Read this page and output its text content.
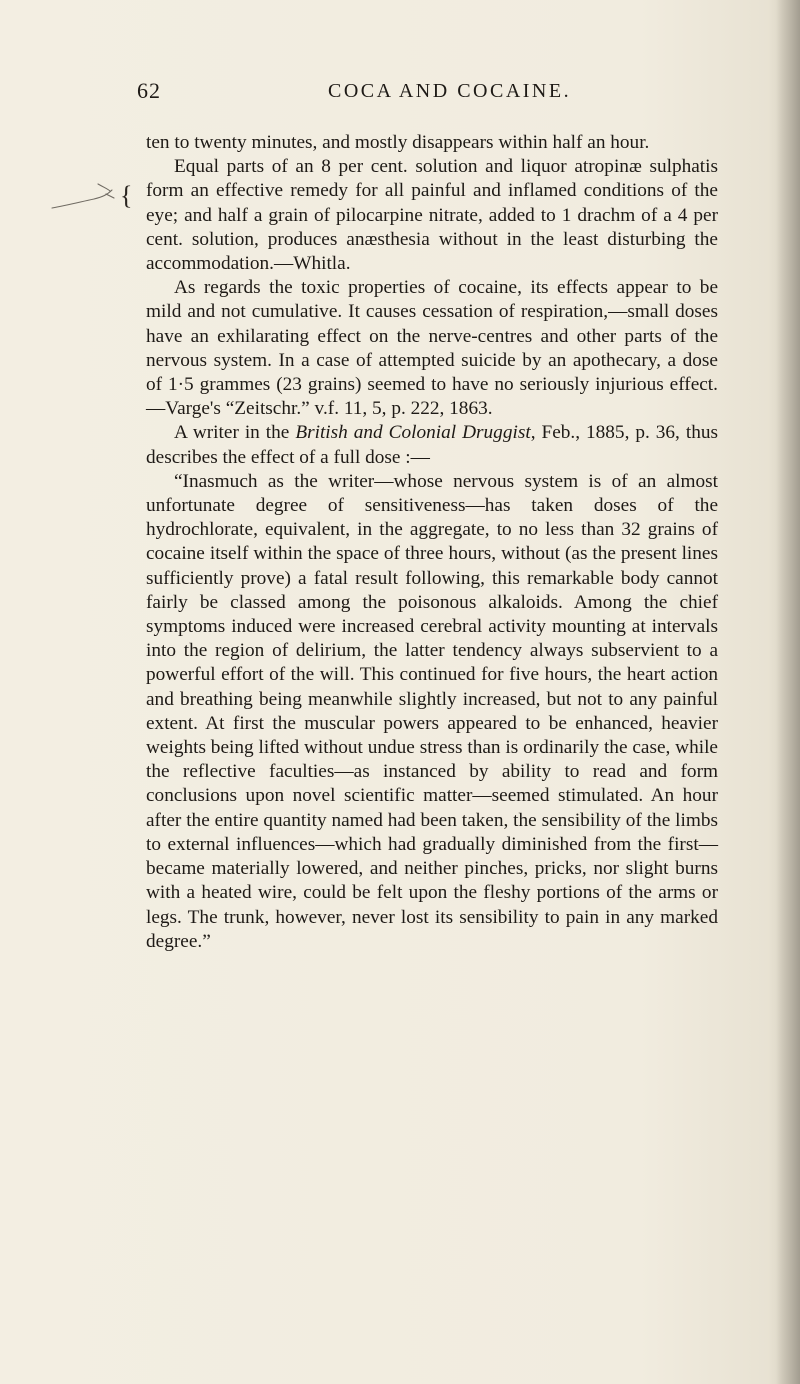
62	COCA AND COCAINE.
{

ten to twenty minutes, and mostly disappears within half an hour.

Equal parts of an 8 per cent. solution and liquor atropinæ sulphatis form an effective remedy for all painful and inflamed conditions of the eye; and half a grain of pilocarpine nitrate, added to 1 drachm of a 4 per cent. solution, produces anæsthesia without in the least disturbing the accommodation.—Whitla.

As regards the toxic properties of cocaine, its effects appear to be mild and not cumulative. It causes cessation of respiration,—small doses have an exhilarating effect on the nerve-centres and other parts of the nervous system. In a case of attempted suicide by an apothecary, a dose of 1·5 grammes (23 grains) seemed to have no seriously injurious effect.—Varge's “Zeitschr.” v.f. 11, 5, p. 222, 1863.

A writer in the British and Colonial Druggist, Feb., 1885, p. 36, thus describes the effect of a full dose :—

“Inasmuch as the writer—whose nervous system is of an almost unfortunate degree of sensitiveness—has taken doses of the hydrochlorate, equivalent, in the aggregate, to no less than 32 grains of cocaine itself within the space of three hours, without (as the present lines sufficiently prove) a fatal result following, this remarkable body cannot fairly be classed among the poisonous alkaloids. Among the chief symptoms induced were increased cerebral activity mounting at intervals into the region of delirium, the latter tendency always subservient to a powerful effort of the will. This continued for five hours, the heart action and breathing being meanwhile slightly increased, but not to any painful extent. At first the muscular powers appeared to be enhanced, heavier weights being lifted without undue stress than is ordinarily the case, while the reflective faculties—as instanced by ability to read and form conclusions upon novel scientific matter—seemed stimulated. An hour after the entire quantity named had been taken, the sensibility of the limbs to external influences—which had gradually diminished from the first—became materially lowered, and neither pinches, pricks, nor slight burns with a heated wire, could be felt upon the fleshy portions of the arms or legs. The trunk, however, never lost its sensibility to pain in any marked degree.”
